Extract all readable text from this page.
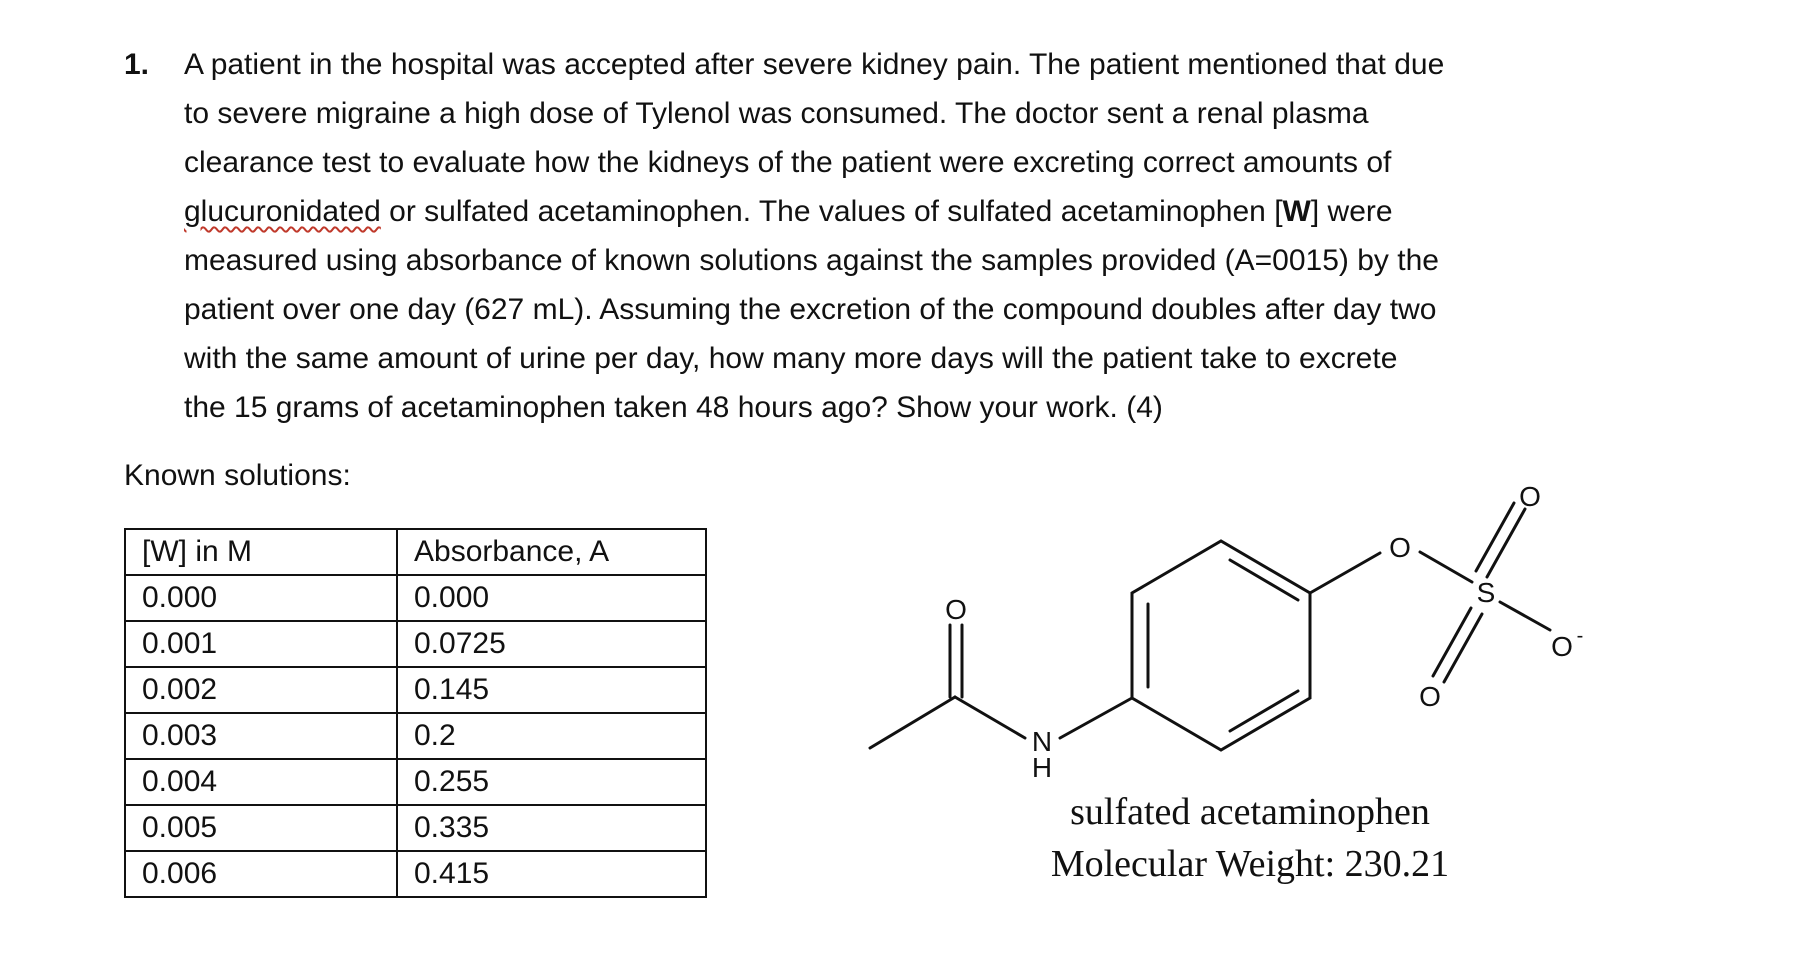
1. A patient in the hospital was accepted after severe kidney pain. The patient mentioned that due
to severe migraine a high dose of Tylenol was consumed. The doctor sent a renal plasma
clearance test to evaluate how the kidneys of the patient were excreting correct amounts of
glucuronidated or sulfated acetaminophen. The values of sulfated acetaminophen [W] were
measured using absorbance of known solutions against the samples provided (A=0015) by the
patient over one day (627 mL). Assuming the excretion of the compound doubles after day two
with the same amount of urine per day, how many more days will the patient take to excrete
the 15 grams of acetaminophen taken 48 hours ago? Show your work. (4)
Known solutions:
[W] in M	Absorbance, A
0.000	0.000
0.001	0.0725
0.002	0.145
0.003	0.2
0.004	0.255
0.005	0.335
0.006	0.415
O
N
H
O
S
O
O
O -
sulfated acetaminophen
Molecular Weight: 230.21
